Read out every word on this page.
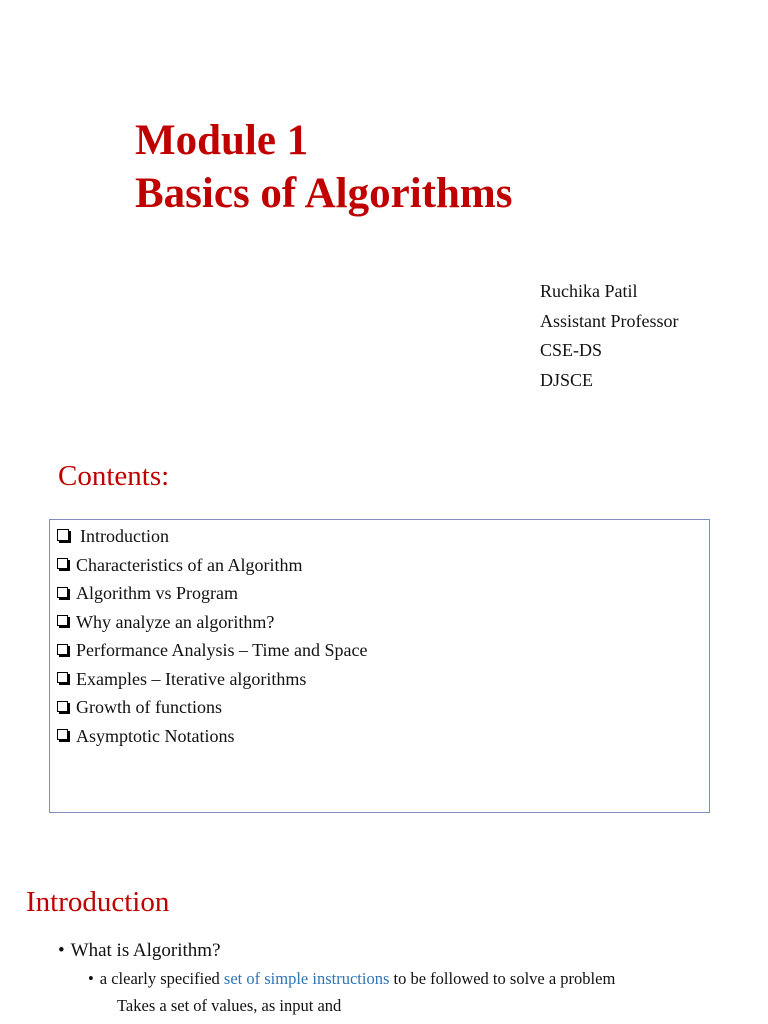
Module 1
Basics of Algorithms
Ruchika Patil
Assistant Professor
CSE-DS
DJSCE
Contents:
Introduction
Characteristics of an Algorithm
Algorithm vs Program
Why analyze an algorithm?
Performance Analysis – Time and Space
Examples – Iterative algorithms
Growth of functions
Asymptotic Notations
Introduction
• What is Algorithm?
• a clearly specified set of simple instructions to be followed to solve a problem
Takes a set of values, as input and
